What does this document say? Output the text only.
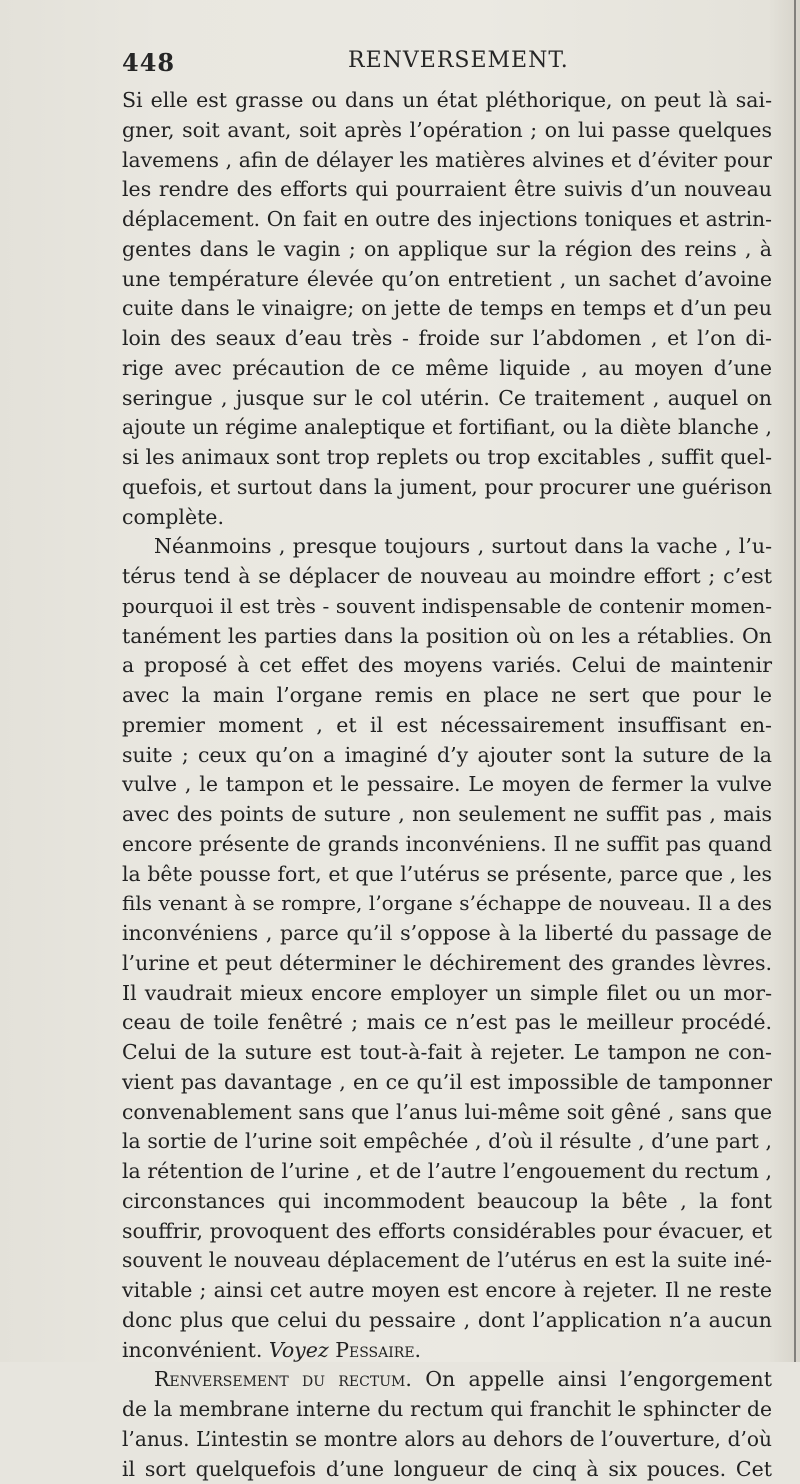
448	RENVERSEMENT.
Si elle est grasse ou dans un état pléthorique, on peut là sai-
gner, soit avant, soit après l’opération ; on lui passe quelques
lavemens , afin de délayer les matières alvines et d’éviter pour
les rendre des efforts qui pourraient être suivis d’un nouveau
déplacement. On fait en outre des injections toniques et astrin-
gentes dans le vagin ; on applique sur la région des reins , à
une température élevée qu’on entretient , un sachet d’avoine
cuite dans le vinaigre; on jette de temps en temps et d’un peu
loin des seaux d’eau très - froide sur l’abdomen , et l’on di-
rige avec précaution de ce même liquide , au moyen d’une
seringue , jusque sur le col utérin. Ce traitement , auquel on
ajoute un régime analeptique et fortifiant, ou la diète blanche ,
si les animaux sont trop replets ou trop excitables , suffit quel-
quefois, et surtout dans la jument, pour procurer une guérison
complète.
Néanmoins , presque toujours , surtout dans la vache , l’u-
térus tend à se déplacer de nouveau au moindre effort ; c’est
pourquoi il est très - souvent indispensable de contenir momen-
tanément les parties dans la position où on les a rétablies. On
a proposé à cet effet des moyens variés. Celui de maintenir
avec la main l’organe remis en place ne sert que pour le
premier moment , et il est nécessairement insuffisant en-
suite ; ceux qu’on a imaginé d’y ajouter sont la suture de la
vulve , le tampon et le pessaire. Le moyen de fermer la vulve
avec des points de suture , non seulement ne suffit pas , mais
encore présente de grands inconvéniens. Il ne suffit pas quand
la bête pousse fort, et que l’utérus se présente, parce que , les
fils venant à se rompre, l’organe s’échappe de nouveau. Il a des
inconvéniens , parce qu’il s’oppose à la liberté du passage de
l’urine et peut déterminer le déchirement des grandes lèvres.
Il vaudrait mieux encore employer un simple filet ou un mor-
ceau de toile fenêtré ; mais ce n’est pas le meilleur procédé.
Celui de la suture est tout-à-fait à rejeter. Le tampon ne con-
vient pas davantage , en ce qu’il est impossible de tamponner
convenablement sans que l’anus lui-même soit gêné , sans que
la sortie de l’urine soit empêchée , d’où il résulte , d’une part ,
la rétention de l’urine , et de l’autre l’engouement du rectum ,
circonstances qui incommodent beaucoup la bête , la font
souffrir, provoquent des efforts considérables pour évacuer, et
souvent le nouveau déplacement de l’utérus en est la suite iné-
vitable ; ainsi cet autre moyen est encore à rejeter. Il ne reste
donc plus que celui du pessaire , dont l’application n’a aucun
inconvénient. Voyez Pessaire.
Renversement du rectum. On appelle ainsi l’engorgement
de la membrane interne du rectum qui franchit le sphincter de
l’anus. L’intestin se montre alors au dehors de l’ouverture, d’où
il sort quelquefois d’une longueur de cinq à six pouces. Cet
